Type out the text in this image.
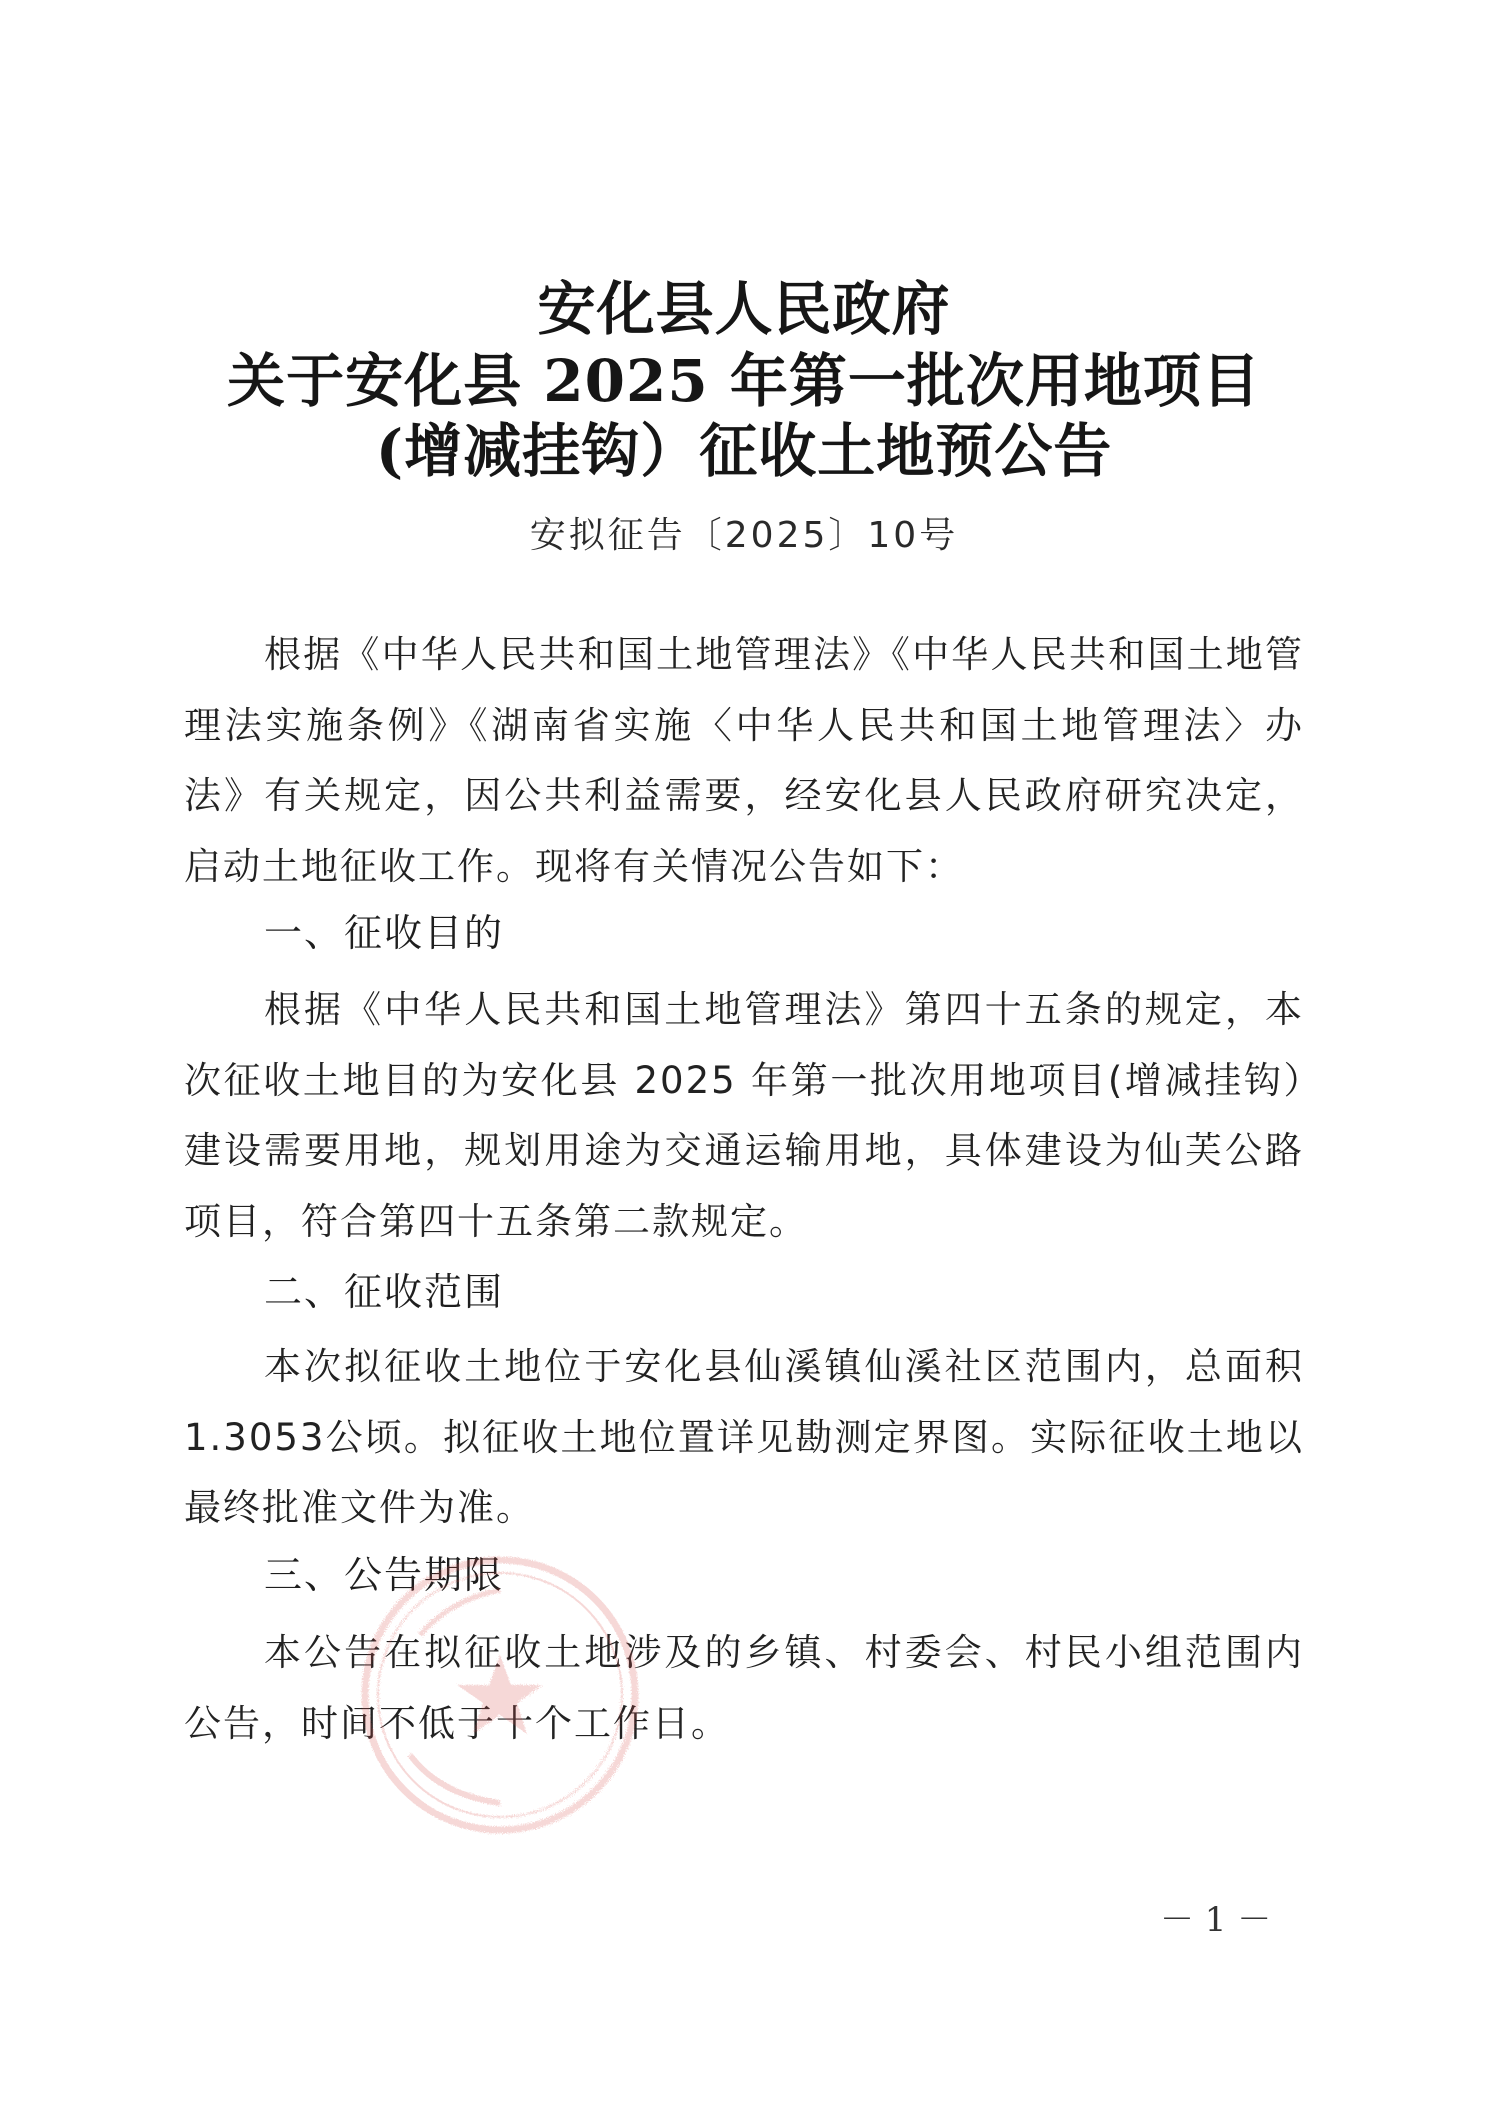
安化县人民政府
关于安化县 2025 年第一批次用地项目
(增减挂钩）征收土地预公告
安拟征告〔2025〕10号
根据《中华人民共和国土地管理法》《中华人民共和国土地管理法实施条例》《湖南省实施〈中华人民共和国土地管理法〉办法》有关规定，因公共利益需要，经安化县人民政府研究决定，启动土地征收工作。现将有关情况公告如下：
一、征收目的
根据《中华人民共和国土地管理法》第四十五条的规定，本次征收土地目的为安化县 2025 年第一批次用地项目(增减挂钩）建设需要用地，规划用途为交通运输用地，具体建设为仙芙公路项目，符合第四十五条第二款规定。
二、征收范围
本次拟征收土地位于安化县仙溪镇仙溪社区范围内，总面积1.3053公顷。拟征收土地位置详见勘测定界图。实际征收土地以最终批准文件为准。
三、公告期限
本公告在拟征收土地涉及的乡镇、村委会、村民小组范围内公告，时间不低于十个工作日。
－ 1 －
